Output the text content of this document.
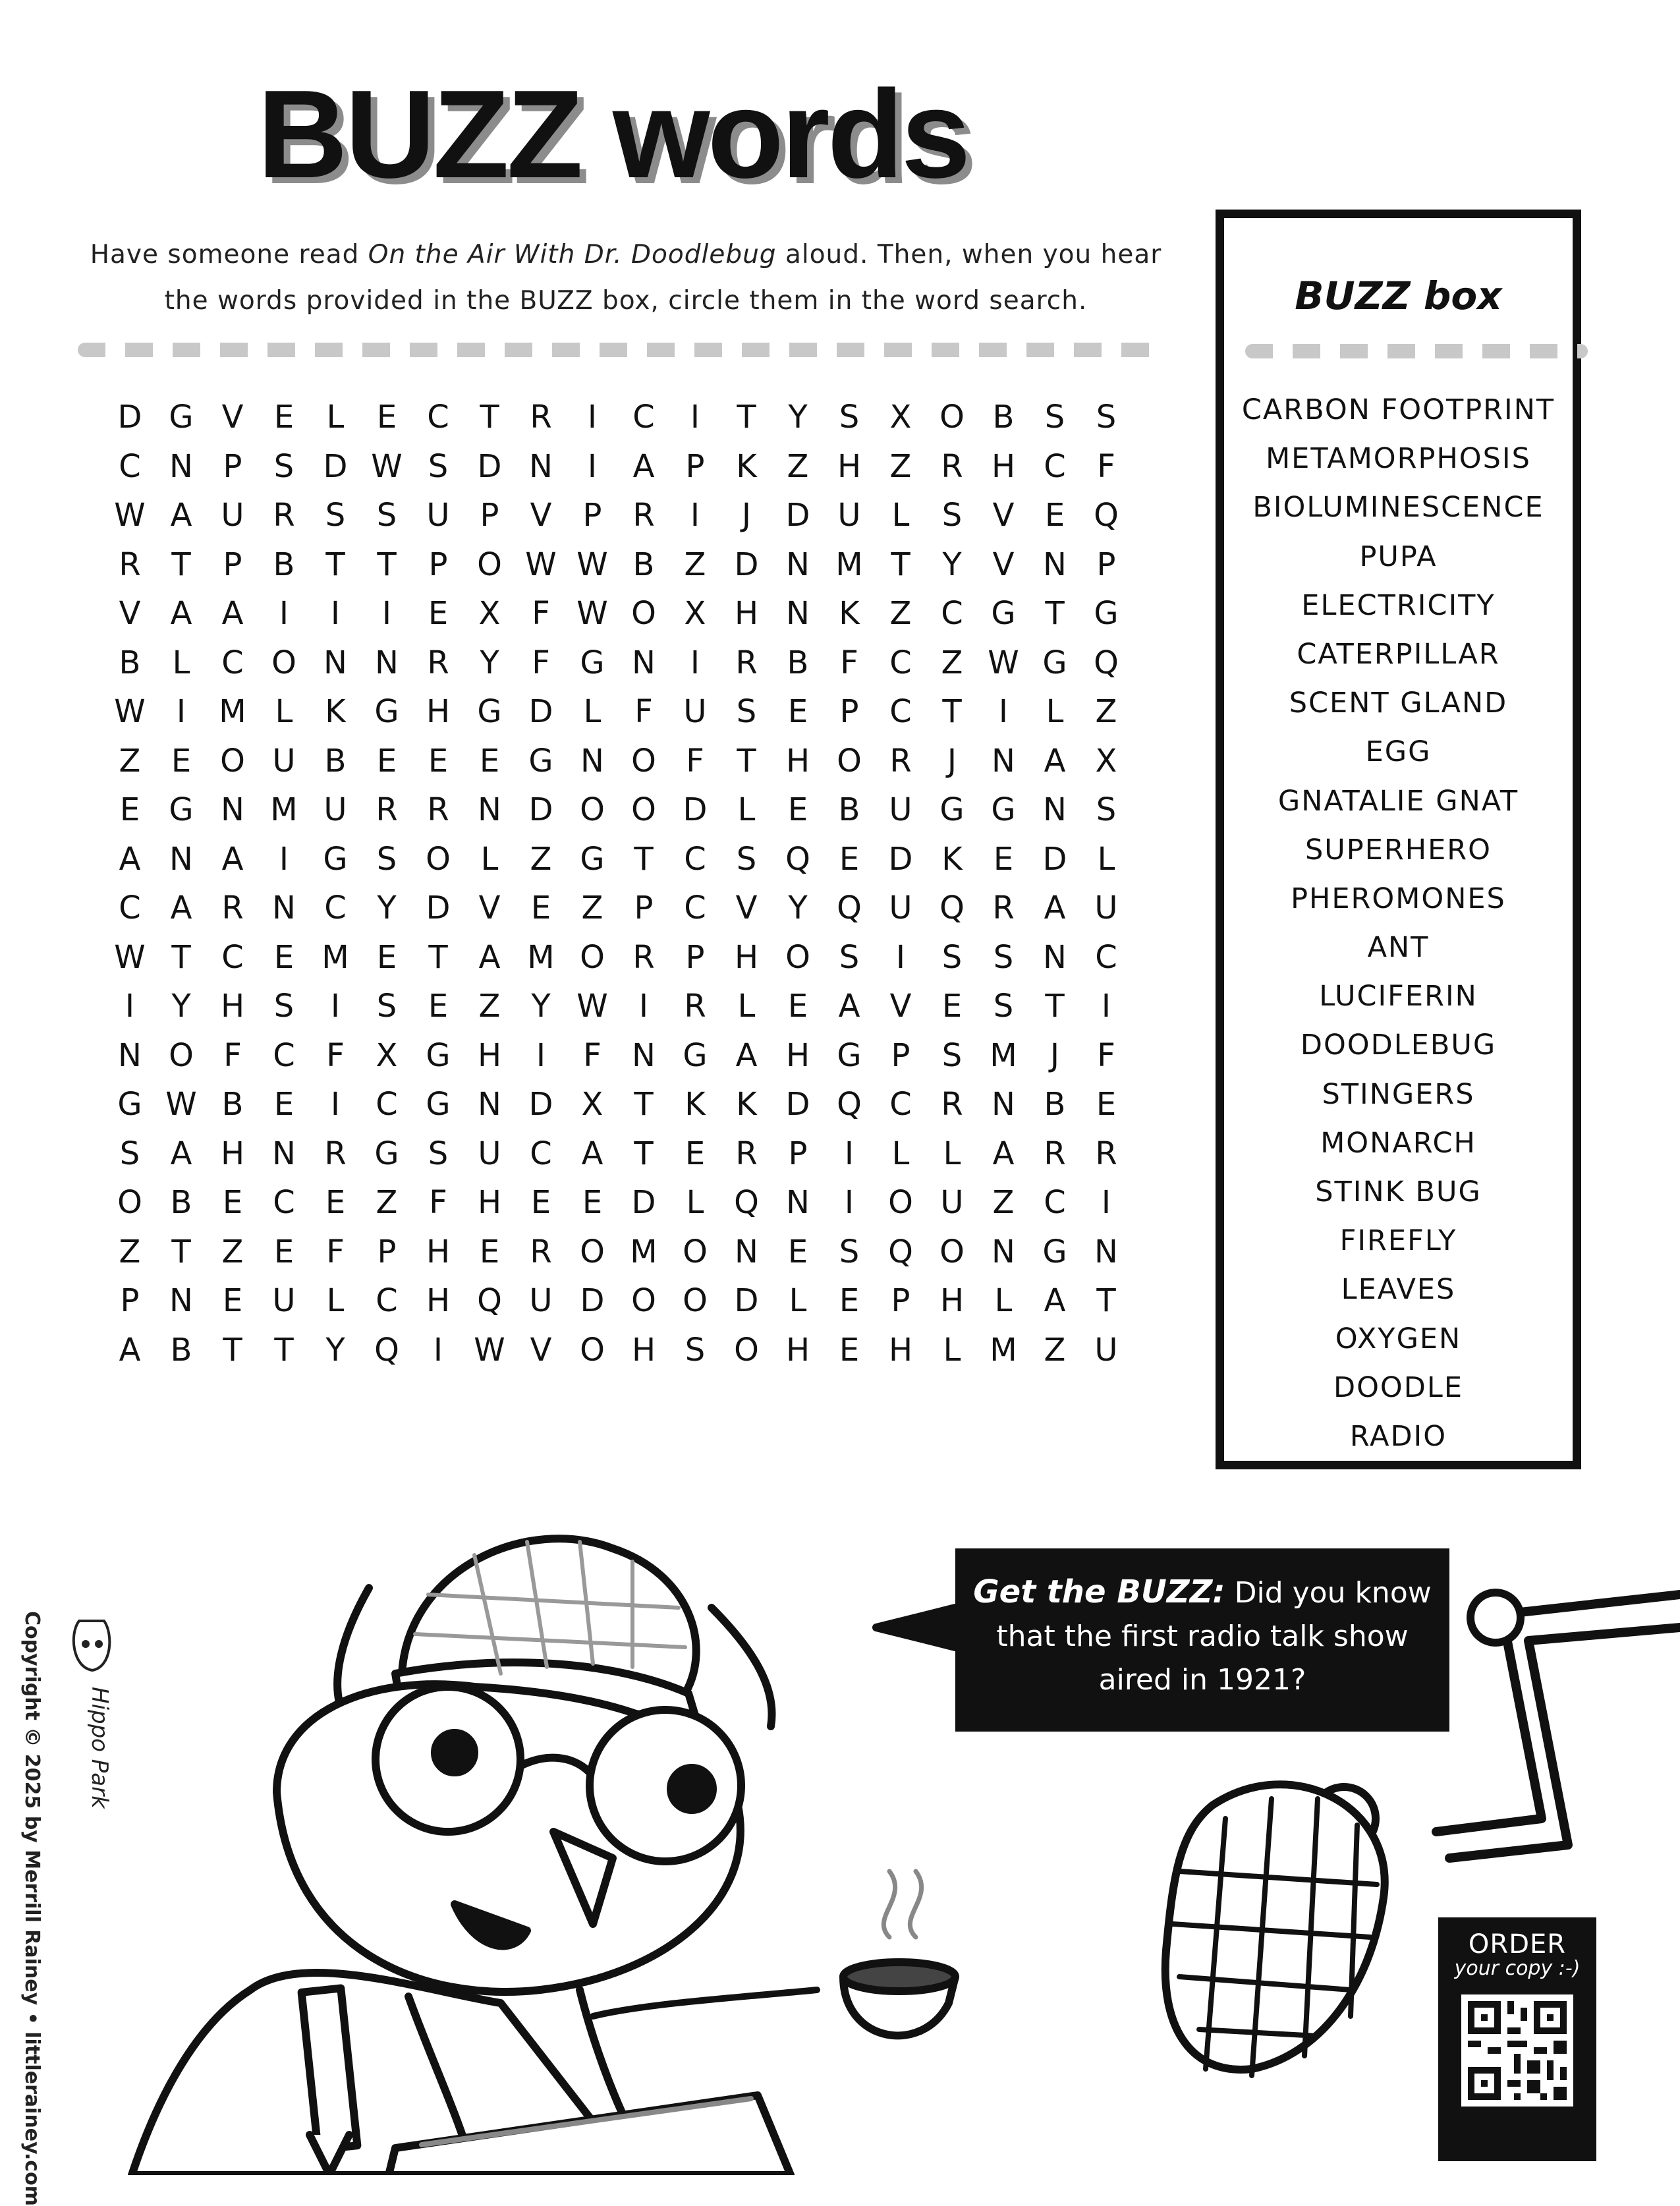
BUZZ words
Have someone read On the Air With Dr. Doodlebug aloud. Then, when you hear the words provided in the BUZZ box, circle them in the word search.
D G V E	L	E C T R	I	C	I	T	Y	S X O B S S
C N P	S D W S D N	I	A P K Z H Z R H C F
W A U R S S U P V P R	I	J	D U L	S V E Q
R T	P B T	T	P O W W B Z D N M T	Y V N P
V A A	I	I	I	E X F W O X H N K Z C G T G
B	L C O N N R Y	F G N	I	R B F C Z W G Q
W I	M L	K G H G D L	F U S E	P C T	I	L	Z
Z E O U B E E E G N O F	T H O R	J	N A X
E G N M U R R N D O O D L	E B U G G N S
A N A	I	G S O L	Z G T C S Q E D K E D L
C A R N C Y D V E Z P C V Y Q U Q R A U
W T C E M E	T A M O R P H O S	I	S S N C
I	Y H S	I	S E Z Y W I	R L	E A V E S	T	I
N O F C F X G H	I	F N G A H G P	S M	J	F
G W B E	I	C G N D X T K K D Q C R N B E
S A H N R G S U C A T	E R P	I	L	L	A R R
O B E C E Z F H E E D L Q N	I	O U Z C	I
Z T Z E	F	P H E R O M O N E S Q O N G N
P N E U L C H Q U D O O D L	E	P H L	A T
A B T	T	Y Q	I W V O H S O H E H L M Z U
BUZZ box
CARBON FOOTPRINT
METAMORPHOSIS
BIOLUMINESCENCE
PUPA
ELECTRICITY
CATERPILLAR
SCENT GLAND
EGG
GNATALIE GNAT
SUPERHERO
PHEROMONES
ANT
LUCIFERIN
DOODLEBUG
STINGERS
MONARCH
STINK BUG
FIREFLY
LEAVES
OXYGEN
DOODLE
RADIO
Get the BUZZ: Did you know that the first radio talk show aired in 1921?
Copyright © 2025 by Merrill Rainey • littlerainey.com Hippo Park
ORDER
your copy :-)
